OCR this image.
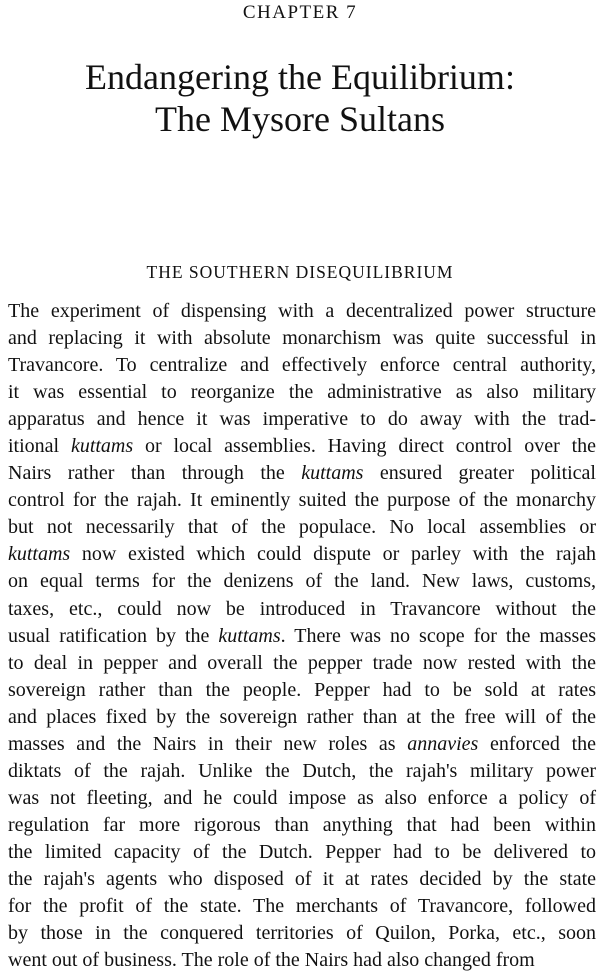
CHAPTER 7
Endangering the Equilibrium:
The Mysore Sultans
THE SOUTHERN DISEQUILIBRIUM
The experiment of dispensing with a decentralized power structure
and replacing it with absolute monarchism was quite successful in
Travancore. To centralize and effectively enforce central authority,
it was essential to reorganize the administrative as also military
apparatus and hence it was imperative to do away with the trad-
itional kuttams or local assemblies. Having direct control over the
Nairs rather than through the kuttams ensured greater political
control for the rajah. It eminently suited the purpose of the monarchy
but not necessarily that of the populace. No local assemblies or
kuttams now existed which could dispute or parley with the rajah
on equal terms for the denizens of the land. New laws, customs,
taxes, etc., could now be introduced in Travancore without the
usual ratification by the kuttams. There was no scope for the masses
to deal in pepper and overall the pepper trade now rested with the
sovereign rather than the people. Pepper had to be sold at rates
and places fixed by the sovereign rather than at the free will of the
masses and the Nairs in their new roles as annavies enforced the
diktats of the rajah. Unlike the Dutch, the rajah's military power
was not fleeting, and he could impose as also enforce a policy of
regulation far more rigorous than anything that had been within
the limited capacity of the Dutch. Pepper had to be delivered to
the rajah's agents who disposed of it at rates decided by the state
for the profit of the state. The merchants of Travancore, followed
by those in the conquered territories of Quilon, Porka, etc., soon
went out of business. The role of the Nairs had also changed from
